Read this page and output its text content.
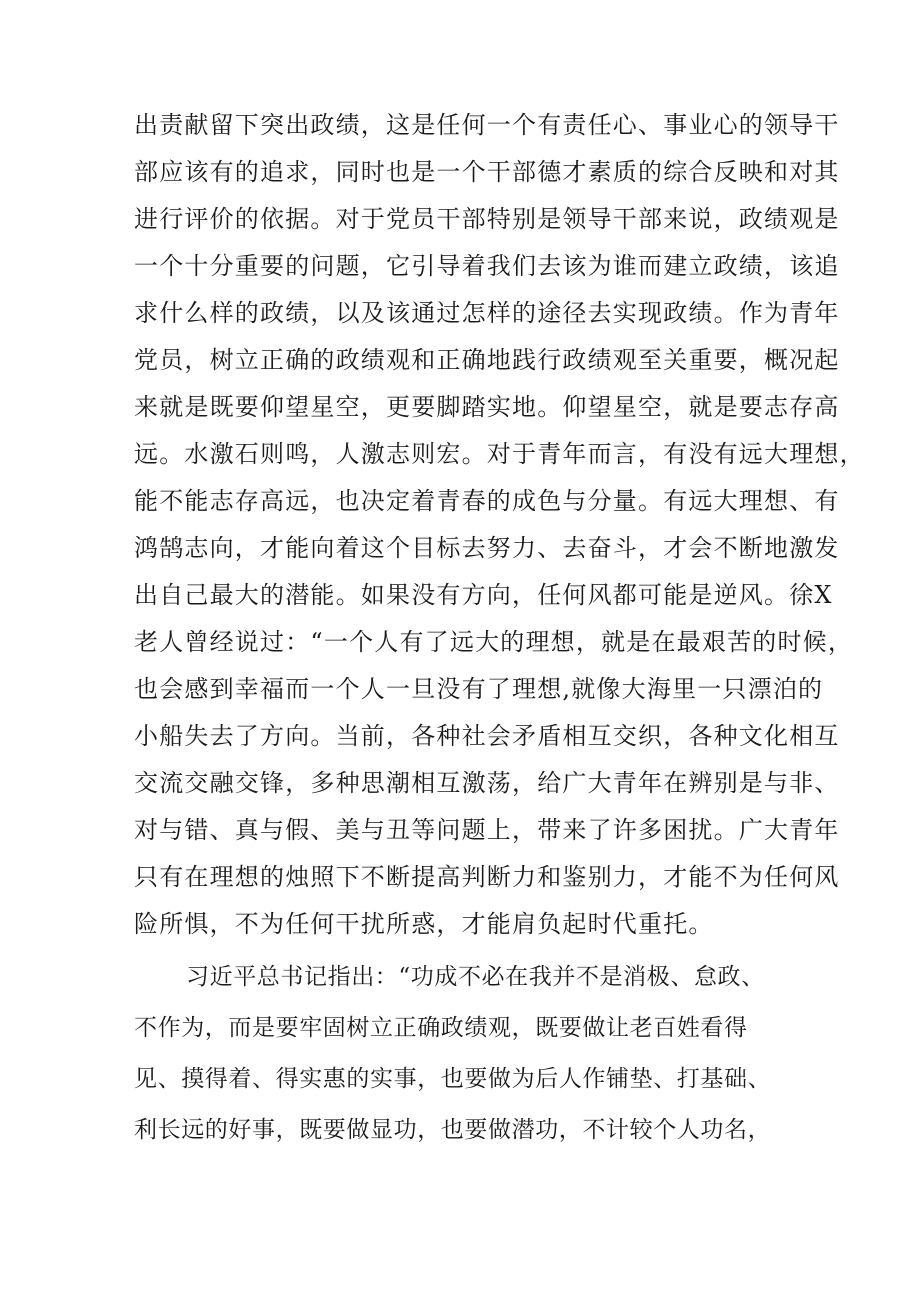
出责献留下突出政绩，这是任何一个有责任心、事业心的领导干
部应该有的追求，同时也是一个干部德才素质的综合反映和对其
进行评价的依据。对于党员干部特别是领导干部来说，政绩观是
一个十分重要的问题，它引导着我们去该为谁而建立政绩，该追
求什么样的政绩，以及该通过怎样的途径去实现政绩。作为青年
党员，树立正确的政绩观和正确地践行政绩观至关重要，概况起
来就是既要仰望星空，更要脚踏实地。仰望星空，就是要志存高
远。水激石则鸣，人激志则宏。对于青年而言，有没有远大理想，
能不能志存高远，也决定着青春的成色与分量。有远大理想、有
鸿鹄志向，才能向着这个目标去努力、去奋斗，才会不断地激发
出自己最大的潜能。如果没有方向，任何风都可能是逆风。徐X
老人曾经说过：“一个人有了远大的理想，就是在最艰苦的时候，
也会感到幸福而一个人一旦没有了理想,就像大海里一只漂泊的
小船失去了方向。当前，各种社会矛盾相互交织，各种文化相互
交流交融交锋，多种思潮相互激荡，给广大青年在辨别是与非、
对与错、真与假、美与丑等问题上，带来了许多困扰。广大青年
只有在理想的烛照下不断提高判断力和鉴别力，才能不为任何风
险所惧，不为任何干扰所惑，才能肩负起时代重托。
习近平总书记指出：“功成不必在我并不是消极、怠政、
不作为，而是要牢固树立正确政绩观，既要做让老百姓看得
见、摸得着、得实惠的实事，也要做为后人作铺垫、打基础、
利长远的好事，既要做显功，也要做潜功，不计较个人功名，
